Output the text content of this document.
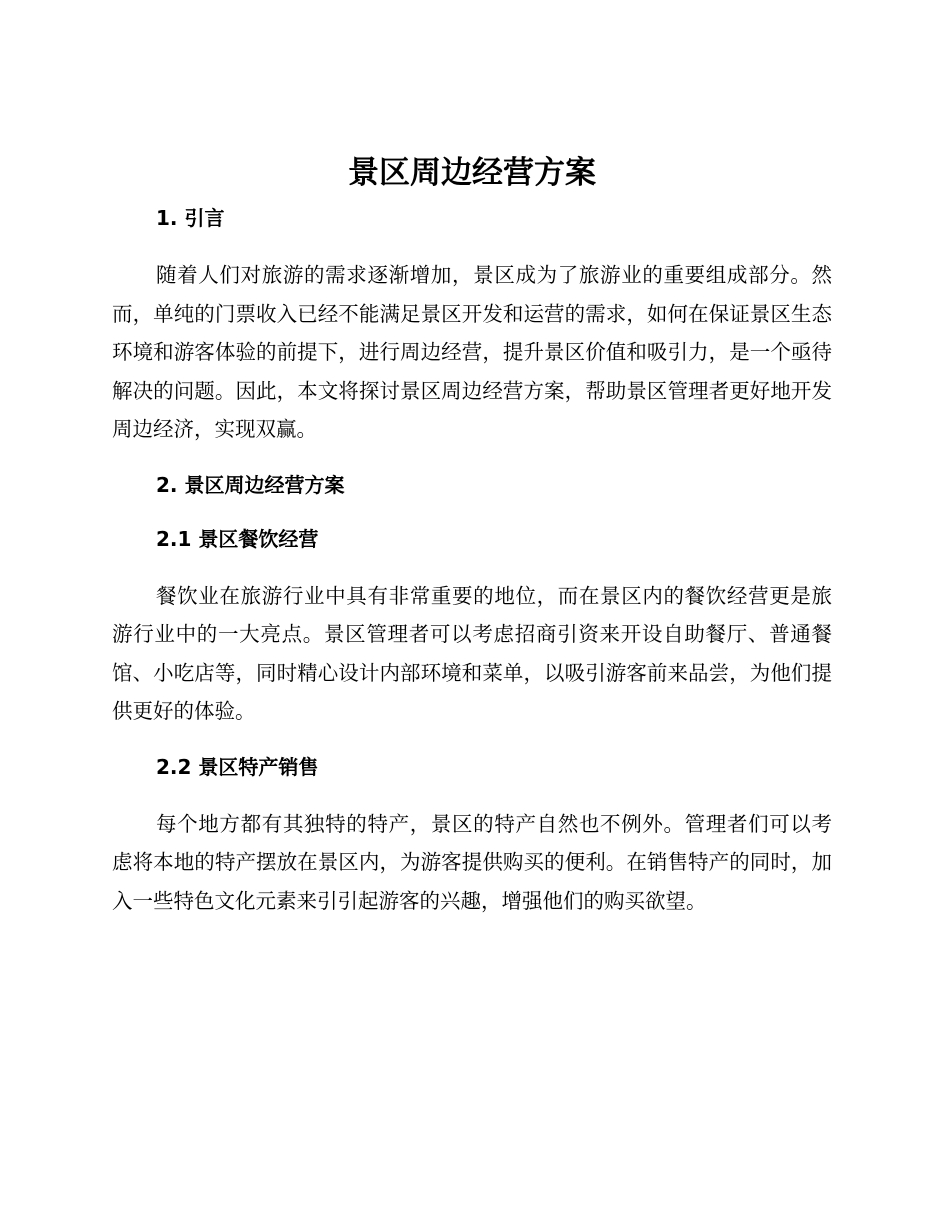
景区周边经营方案
1. 引言

随着人们对旅游的需求逐渐增加，景区成为了旅游业的重要组成部分。然而，单纯的门票收入已经不能满足景区开发和运营的需求，如何在保证景区生态环境和游客体验的前提下，进行周边经营，提升景区价值和吸引力，是一个亟待解决的问题。因此，本文将探讨景区周边经营方案，帮助景区管理者更好地开发周边经济，实现双赢。

2. 景区周边经营方案
2.1 景区餐饮经营

餐饮业在旅游行业中具有非常重要的地位，而在景区内的餐饮经营更是旅游行业中的一大亮点。景区管理者可以考虑招商引资来开设自助餐厅、普通餐馆、小吃店等，同时精心设计内部环境和菜单，以吸引游客前来品尝，为他们提供更好的体验。

2.2 景区特产销售

每个地方都有其独特的特产，景区的特产自然也不例外。管理者们可以考虑将本地的特产摆放在景区内，为游客提供购买的便利。在销售特产的同时，加入一些特色文化元素来引引起游客的兴趣，增强他们的购买欲望。
